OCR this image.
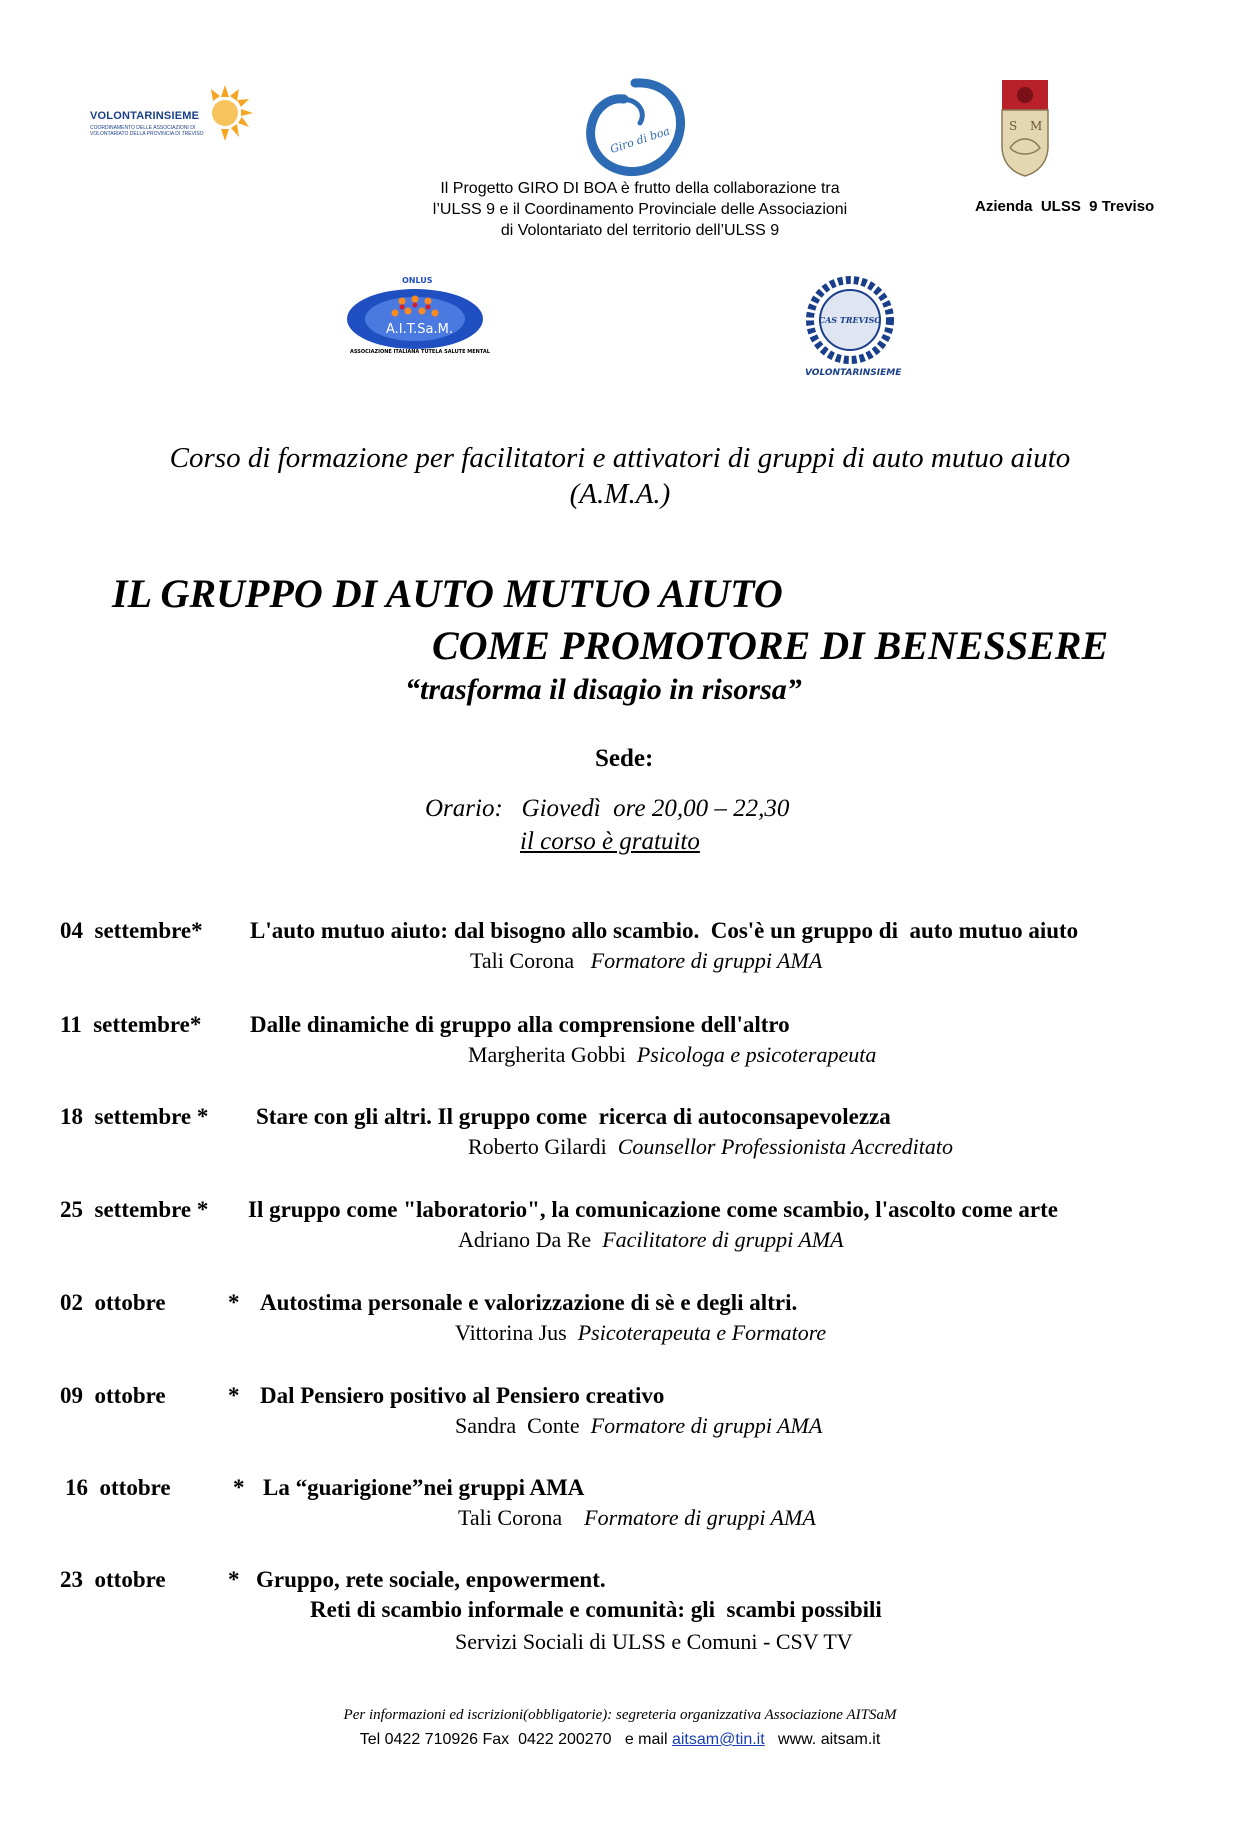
VOLONTARINSIEME
COORDINAMENTO DELLE ASSOCIAZIONI DI VOLONTARIATO DELLA PROVINCIA DI TREVISO	Giro di boa	S M
Il Progetto GIRO DI BOA è frutto della collaborazione tra
l’ULSS 9 e il Coordinamento Provinciale delle Associazioni
di Volontariato del territorio dell’ULSS 9
Azienda  ULSS  9 Treviso
ONLUS
A.I.T.Sa.M.
ASSOCIAZIONE ITALIANA TUTELA SALUTE MENTALE
CAS TREVISO
VOLONTARINSIEME
Corso di formazione per facilitatori e attivatori di gruppi di auto mutuo aiuto
(A.M.A.)
IL GRUPPO DI AUTO MUTUO AIUTO
COME PROMOTORE DI BENESSERE
“trasforma il disagio in risorsa”
Sede:
Orario:   Giovedì  ore 20,00 – 22,30
il corso è gratuito
04  settembre* L'auto mutuo aiuto: dal bisogno allo scambio.  Cos'è un gruppo di  auto mutuo aiuto
Tali Corona Formatore di gruppi AMA
11  settembre* Dalle dinamiche di gruppo alla comprensione dell'altro
Margherita Gobbi Psicologa e psicoterapeuta
18  settembre * Stare con gli altri. Il gruppo come  ricerca di autoconsapevolezza
Roberto Gilardi Counsellor Professionista Accreditato
25  settembre * Il gruppo come "laboratorio", la comunicazione come scambio, l'ascolto come arte
Adriano Da Re Facilitatore di gruppi AMA
02  ottobre	* Autostima personale e valorizzazione di sè e degli altri.
Vittorina Jus Psicoterapeuta e Formatore
09  ottobre	* Dal Pensiero positivo al Pensiero creativo
Sandra  Conte Formatore di gruppi AMA
16  ottobre	* La “guarigione”nei gruppi AMA
Tali Corona Formatore di gruppi AMA
23  ottobre	* Gruppo, rete sociale, enpowerment.
Reti di scambio informale e comunità: gli  scambi possibili
Servizi Sociali di ULSS e Comuni - CSV TV
Per informazioni ed iscrizioni(obbligatorie): segreteria organizzativa Associazione AITSaM
Tel 0422 710926 Fax  0422 200270   e mail aitsam@tin.it   www. aitsam.it
